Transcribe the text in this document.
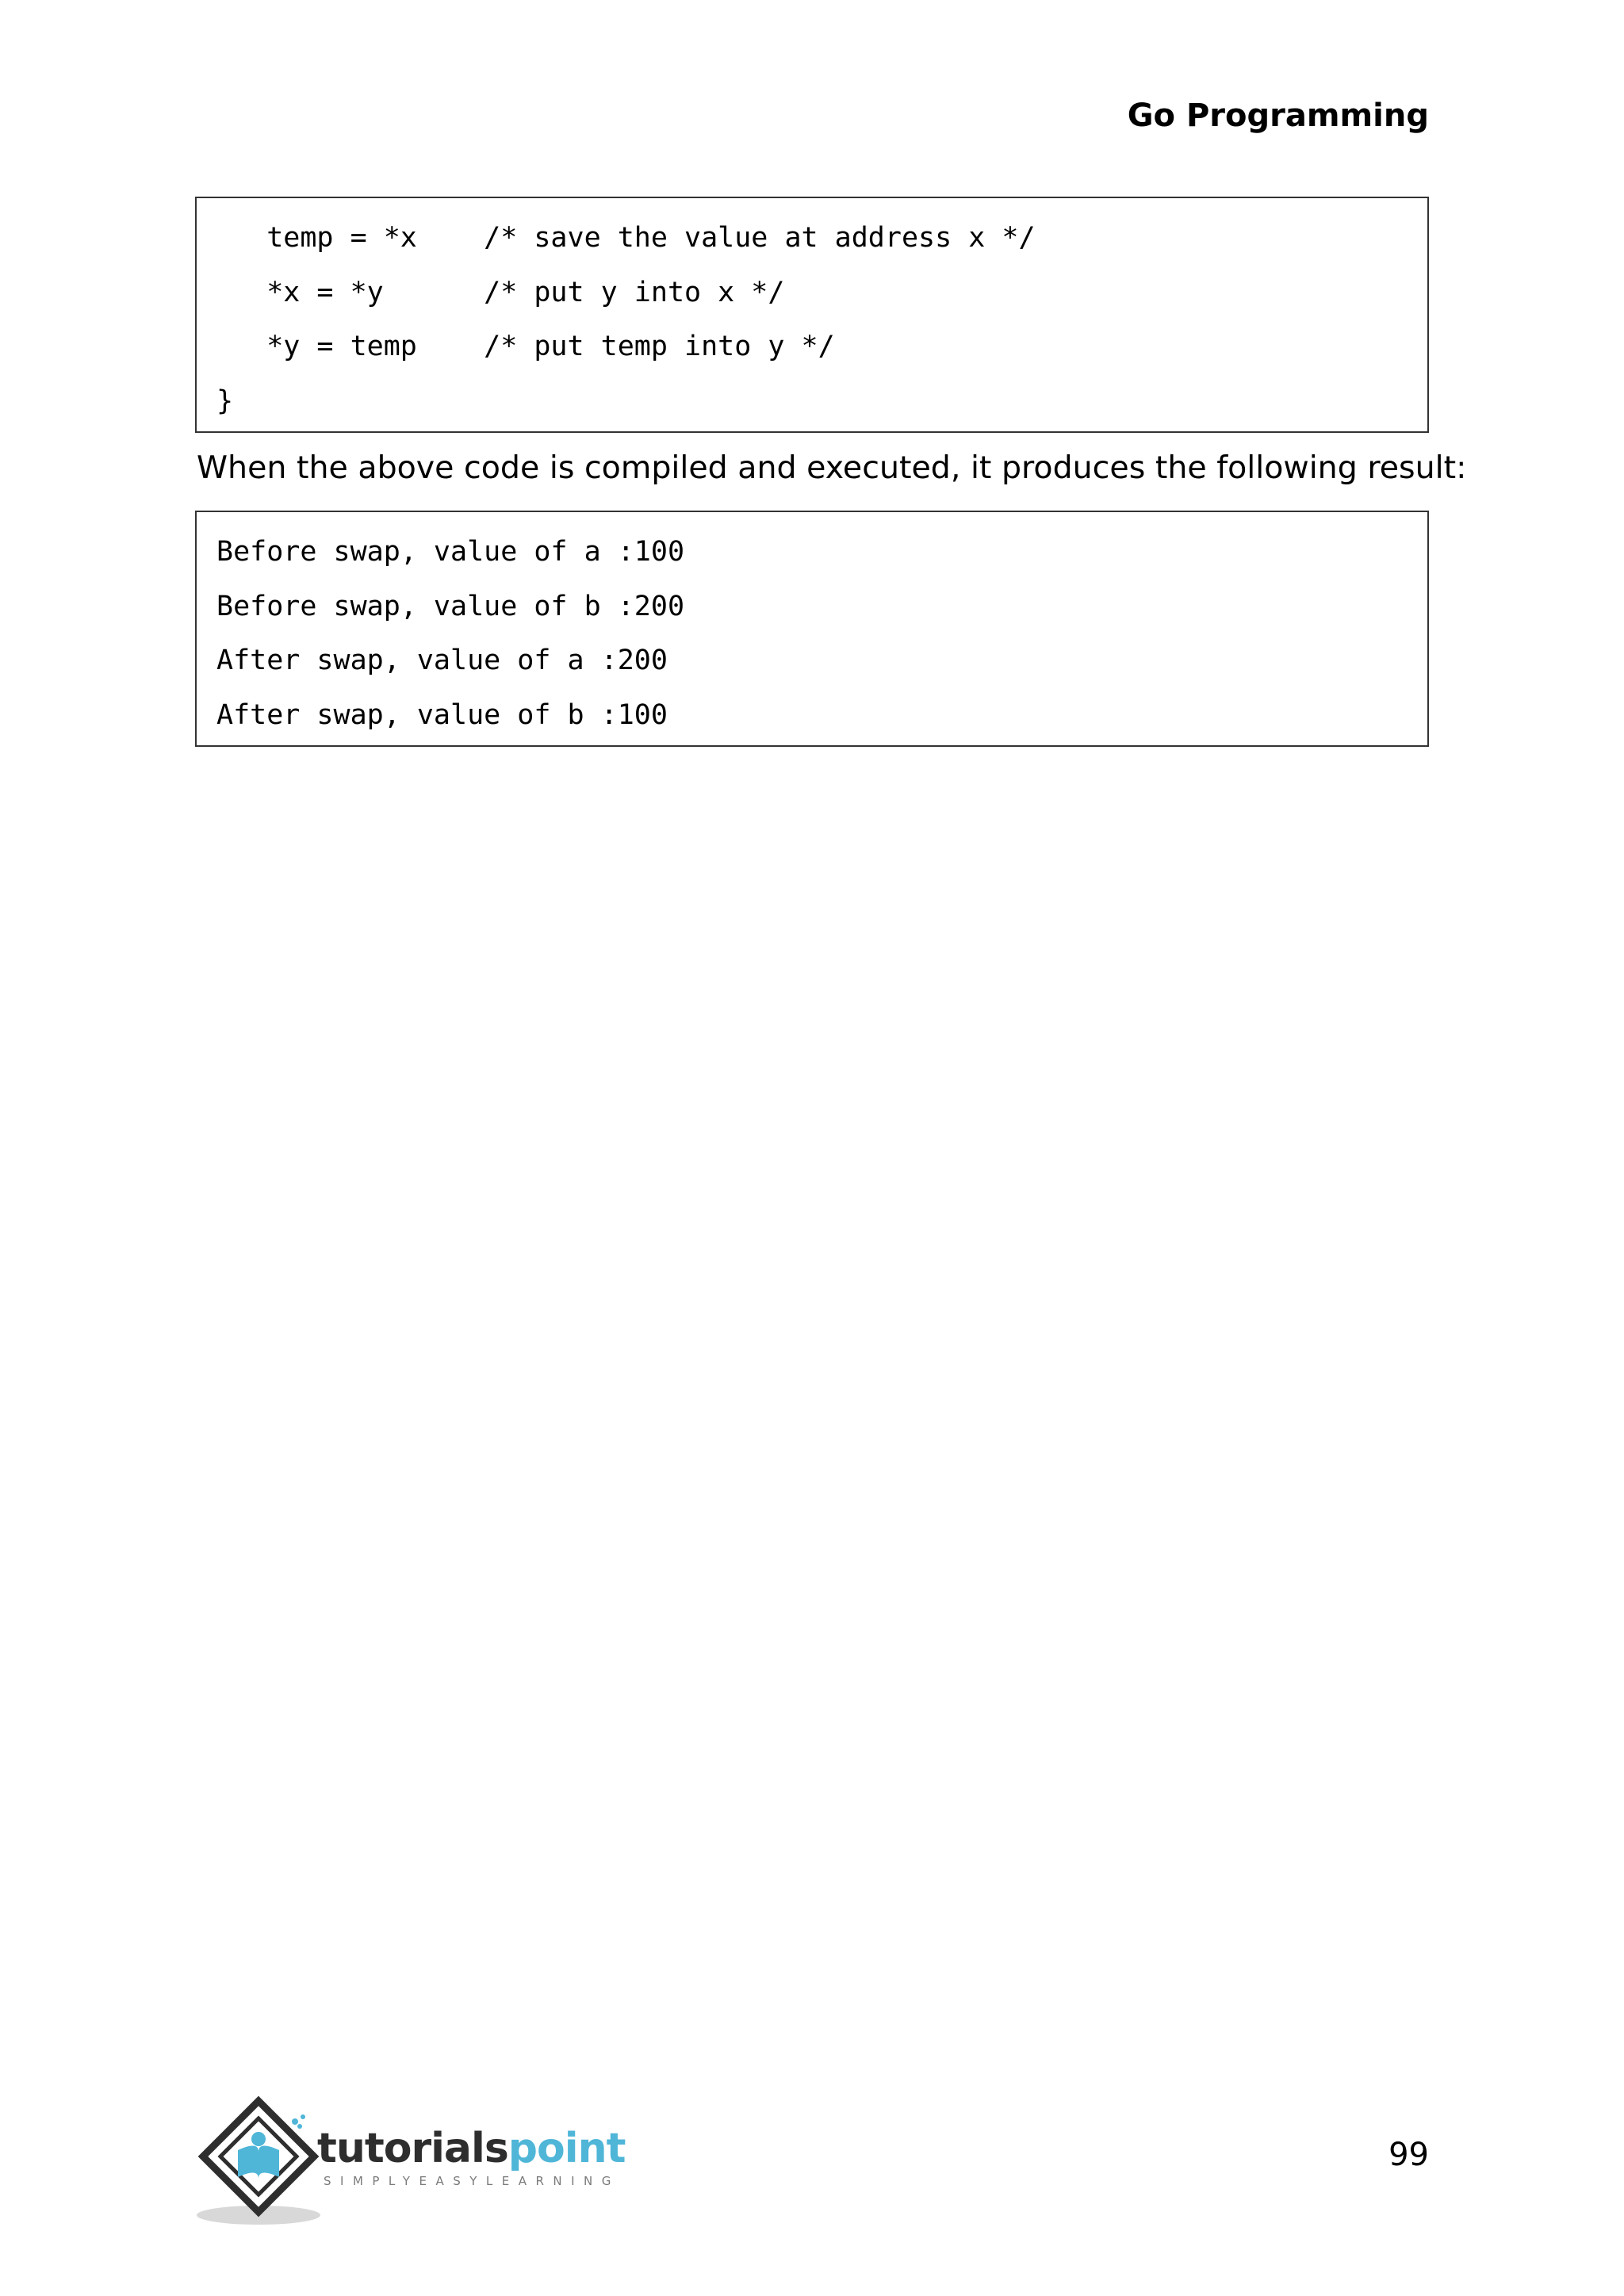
Go Programming
temp = *x    /* save the value at address x */
*x = *y      /* put y into x */
*y = temp    /* put temp into y */
}

When the above code is compiled and executed, it produces the following result:

Before swap, value of a :100
Before swap, value of b :200
After swap, value of a :200
After swap, value of b :100
tutorialspoint
SIMPLYEASYLEARNING
99
